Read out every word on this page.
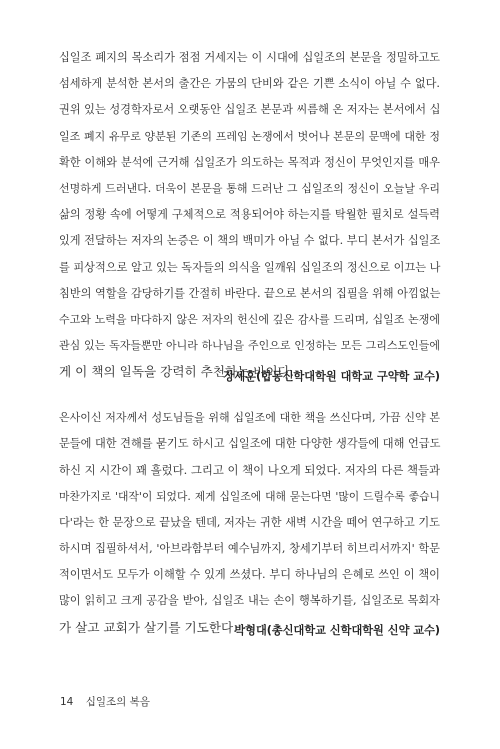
십일조 폐지의 목소리가 점점 거세지는 이 시대에 십일조의 본문을 정밀하고도
섬세하게 분석한 본서의 출간은 가뭄의 단비와 같은 기쁜 소식이 아닐 수 없다.
권위 있는 성경학자로서 오랫동안 십일조 본문과 씨름해 온 저자는 본서에서 십
일조 폐지 유무로 양분된 기존의 프레임 논쟁에서 벗어나 본문의 문맥에 대한 정
확한 이해와 분석에 근거해 십일조가 의도하는 목적과 정신이 무엇인지를 매우
선명하게 드러낸다. 더욱이 본문을 통해 드러난 그 십일조의 정신이 오늘날 우리
삶의 정황 속에 어떻게 구체적으로 적용되어야 하는지를 탁월한 필치로 설득력
있게 전달하는 저자의 논증은 이 책의 백미가 아닐 수 없다. 부디 본서가 십일조
를 피상적으로 알고 있는 독자들의 의식을 일깨워 십일조의 정신으로 이끄는 나
침반의 역할을 감당하기를 간절히 바란다. 끝으로 본서의 집필을 위해 아낌없는
수고와 노력을 마다하지 않은 저자의 헌신에 깊은 감사를 드리며, 십일조 논쟁에
관심 있는 독자들뿐만 아니라 하나님을 주인으로 인정하는 모든 그리스도인들에
게 이 책의 일독을 강력히 추천하는 바이다.
장세훈(합동신학대학원 대학교 구약학 교수)
은사이신 저자께서 성도님들을 위해 십일조에 대한 책을 쓰신다며, 가끔 신약 본
문들에 대한 견해를 묻기도 하시고 십일조에 대한 다양한 생각들에 대해 언급도
하신 지 시간이 꽤 흘렀다. 그리고 이 책이 나오게 되었다. 저자의 다른 책들과
마찬가지로 '대작'이 되었다. 제게 십일조에 대해 묻는다면 '많이 드릴수록 좋습니
다'라는 한 문장으로 끝났을 텐데, 저자는 귀한 새벽 시간을 떼어 연구하고 기도
하시며 집필하셔서, '아브라함부터 예수님까지, 창세기부터 히브리서까지' 학문
적이면서도 모두가 이해할 수 있게 쓰셨다. 부디 하나님의 은혜로 쓰인 이 책이
많이 읽히고 크게 공감을 받아, 십일조 내는 손이 행복하기를, 십일조로 목회자
가 살고 교회가 살기를 기도한다.
박형대(총신대학교 신학대학원 신약 교수)
14 십일조의 복음
